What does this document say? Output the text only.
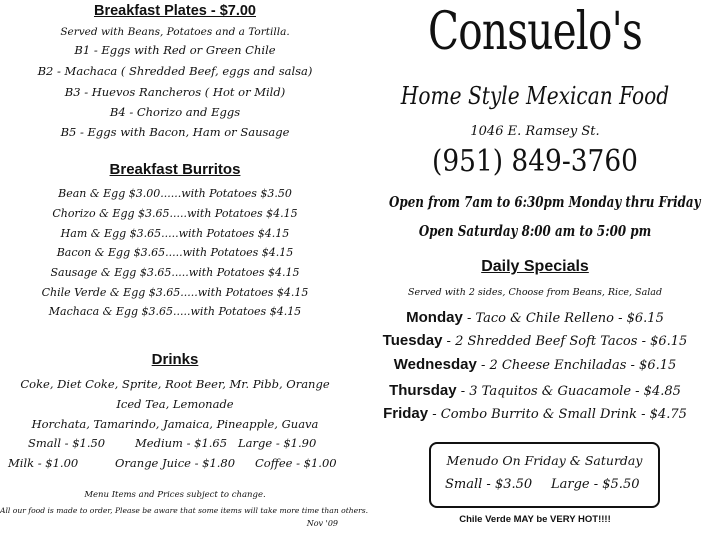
Breakfast Plates - $7.00
Served with Beans, Potatoes and a Tortilla.
B1 - Eggs with Red or Green Chile
B2 - Machaca ( Shredded Beef, eggs and salsa)
B3 - Huevos Rancheros ( Hot or Mild)
B4 - Chorizo and Eggs
B5 - Eggs with Bacon, Ham or Sausage
Breakfast Burritos
Bean & Egg $3.00......with Potatoes $3.50
Chorizo & Egg $3.65.....with Potatoes $4.15
Ham & Egg $3.65.....with Potatoes $4.15
Bacon & Egg $3.65.....with Potatoes $4.15
Sausage & Egg $3.65.....with Potatoes $4.15
Chile Verde & Egg $3.65.....with Potatoes $4.15
Machaca & Egg $3.65.....with Potatoes $4.15
Drinks
Coke, Diet Coke, Sprite, Root Beer, Mr. Pibb, Orange
Iced Tea, Lemonade
Horchata, Tamarindo, Jamaica, Pineapple, Guava
Small - $1.50	Medium - $1.65 Large - $1.90
Milk - $1.00	Orange Juice - $1.80 Coffee - $1.00
Menu Items and Prices subject to change.
All our food is made to order, Please be aware that some items will take more time than others.
Nov '09
Consuelo's
Home Style Mexican Food
1046 E. Ramsey St.
(951) 849-3760
Open from 7am to 6:30pm Monday thru Friday
Open Saturday 8:00 am to 5:00 pm
Daily Specials
Served with 2 sides, Choose from Beans, Rice, Salad
Monday - Taco & Chile Relleno - $6.15
Tuesday - 2 Shredded Beef Soft Tacos - $6.15
Wednesday - 2 Cheese Enchiladas - $6.15
Thursday - 3 Taquitos & Guacamole - $4.85
Friday - Combo Burrito & Small Drink - $4.75
Menudo On Friday & Saturday
Small - $3.50 Large - $5.50
Chile Verde MAY be VERY HOT!!!!
